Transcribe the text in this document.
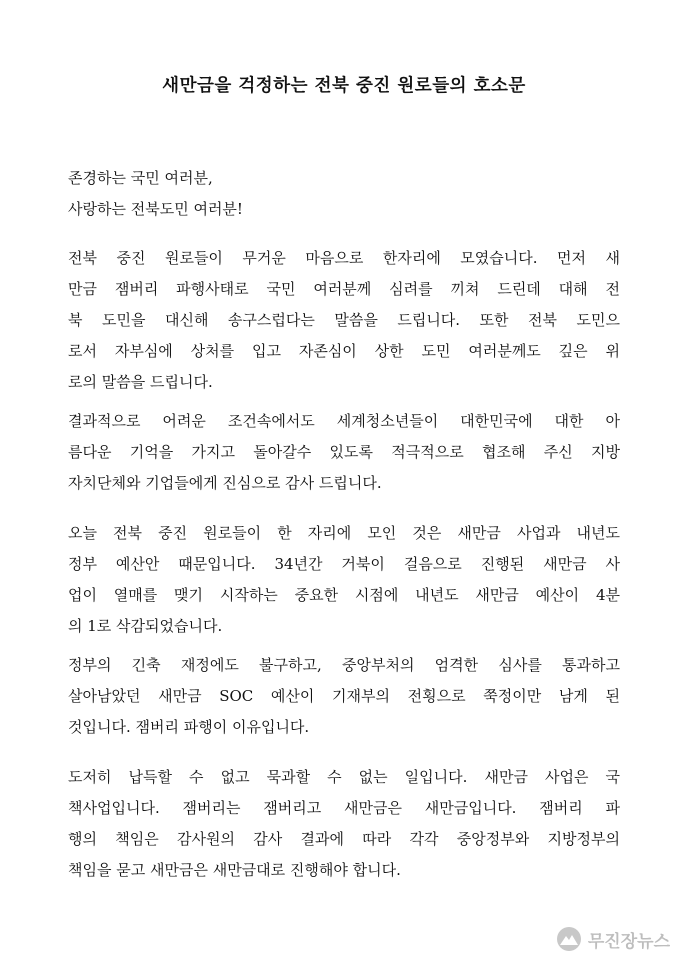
새만금을 걱정하는 전북 중진 원로들의 호소문
존경하는 국민 여러분,
사랑하는 전북도민 여러분!

전북 중진 원로들이 무거운 마음으로 한자리에 모였습니다. 먼저 새
만금 잼버리 파행사태로 국민 여러분께 심려를 끼쳐 드린데 대해 전
북 도민을 대신해 송구스럽다는 말씀을 드립니다. 또한 전북 도민으
로서 자부심에 상처를 입고 자존심이 상한 도민 여러분께도 깊은 위
로의 말씀을 드립니다.

결과적으로 어려운 조건속에서도 세계청소년들이 대한민국에 대한 아
름다운 기억을 가지고 돌아갈수 있도록 적극적으로 협조해 주신 지방
자치단체와 기업들에게 진심으로 감사 드립니다.

오늘 전북 중진 원로들이 한 자리에 모인 것은 새만금 사업과 내년도
정부 예산안 때문입니다. 34년간 거북이 걸음으로 진행된 새만금 사
업이 열매를 맺기 시작하는 중요한 시점에 내년도 새만금 예산이 4분
의 1로 삭감되었습니다.

정부의 긴축 재정에도 불구하고, 중앙부처의 엄격한 심사를 통과하고
살아남았던 새만금 SOC 예산이 기재부의 전횡으로 쭉정이만 남게 된
것입니다. 잼버리 파행이 이유입니다.

도저히 납득할 수 없고 묵과할 수 없는 일입니다. 새만금 사업은 국
책사업입니다. 잼버리는 잼버리고 새만금은 새만금입니다. 잼버리 파
행의 책임은 감사원의 감사 결과에 따라 각각 중앙정부와 지방정부의
책임을 묻고 새만금은 새만금대로 진행해야 합니다.

무진장뉴스
